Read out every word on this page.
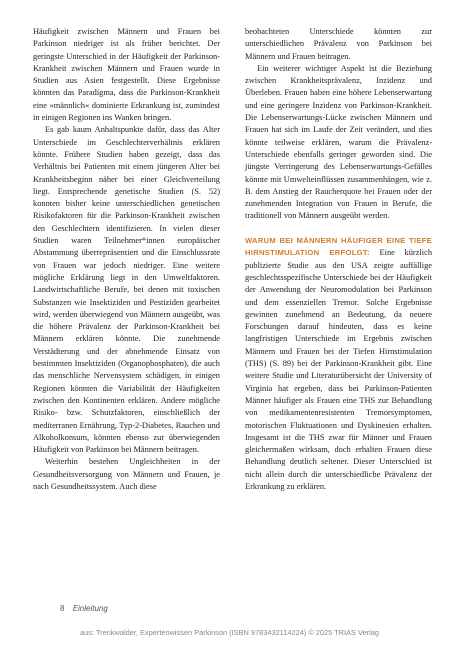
Häufigkeit zwischen Männern und Frauen bei Parkinson niedriger ist als früher berichtet. Der geringste Unterschied in der Häufigkeit der Parkinson-Krankheit zwischen Männern und Frauen wurde in Studien aus Asien festgestellt. Diese Ergebnisse könnten das Paradigma, dass die Parkinson-Krankheit eine »männlich« dominierte Erkrankung ist, zumindest in einigen Regionen ins Wanken bringen.

Es gab kaum Anhaltspunkte dafür, dass das Alter Unterschiede im Geschlechterverhältnis erklären könnte. Frühere Studien haben gezeigt, dass das Verhältnis bei Patienten mit einem jüngeren Alter bei Krankheitsbeginn näher bei einer Gleichverteilung liegt. Entsprechende genetische Studien (S. 52) konnten bisher keine unterschiedlichen genetischen Risikofaktoren für die Parkinson-Krankheit zwischen den Geschlechtern identifizieren. In vielen dieser Studien waren Teilnehmer*innen europäischer Abstammung überrepräsentiert und die Einschlussrate von Frauen war jedoch niedriger. Eine weitere mögliche Erklärung liegt in den Umweltfaktoren. Landwirtschaftliche Berufe, bei denen mit toxischen Substanzen wie Insektiziden und Pestiziden gearbeitet wird, werden überwiegend von Männern ausgeübt, was die höhere Prävalenz der Parkinson-Krankheit bei Männern erklären könnte. Die zunehmende Verstädterung und der abnehmende Einsatz von bestimmten Insektiziden (Organophosphaten), die auch das menschliche Nervensystem schädigen, in einigen Regionen könnten die Variabilität der Häufigkeiten zwischen den Kontinenten erklären. Andere mögliche Risiko- bzw. Schutzfaktoren, einschließlich der mediterranen Ernährung, Typ-2-Diabetes, Rauchen und Alkoholkonsum, könnten ebenso zur überwiegenden Häufigkeit von Parkinson bei Männern beitragen.

Weiterhin bestehen Ungleichheiten in der Gesundheitsversorgung von Männern und Frauen, je nach Gesundheitssystem. Auch diese

beobachteten Unterschiede könnten zur unterschiedlichen Prävalenz von Parkinson bei Männern und Frauen beitragen.

Ein weiterer wichtiger Aspekt ist die Beziehung zwischen Krankheitsprävalenz, Inzidenz und Überleben. Frauen haben eine höhere Lebenserwartung und eine geringere Inzidenz von Parkinson-Krankheit. Die Lebenserwartungs-Lücke zwischen Männern und Frauen hat sich im Laufe der Zeit verändert, und dies könnte teilweise erklären, warum die Prävalenz-Unterschiede ebenfalls geringer geworden sind. Die jüngste Verringerung des Lebenserwartungs-Gefälles könnte mit Umwelteinflüssen zusammenhängen, wie z. B. dem Anstieg der Raucherquote bei Frauen oder der zunehmenden Integration von Frauen in Berufe, die traditionell von Männern ausgeübt werden.

WARUM BEI MÄNNERN HÄUFIGER EINE TIEFE HIRNSTIMULATION ERFOLGT: Eine kürzlich publizierte Studie aus den USA zeigte auffällige geschlechtsspezifische Unterschiede bei der Häufigkeit der Anwendung der Neuromodulation bei Parkinson und dem essenziellen Tremor. Solche Ergebnisse gewinnen zunehmend an Bedeutung, da neuere Forschungen darauf hindeuten, dass es keine langfristigen Unterschiede im Ergebnis zwischen Männern und Frauen bei der Tiefen Hirnstimulation (THS) (S. 89) bei der Parkinson-Krankheit gibt. Eine weitere Studie und Literaturübersicht der University of Virginia hat ergeben, dass bei Parkinson-Patienten Männer häufiger als Frauen eine THS zur Behandlung von medikamentenresistenten Tremorsymptomen, motorischen Fluktuationen und Dyskinesien erhalten. Insgesamt ist die THS zwar für Männer und Frauen gleichermaßen wirksam, doch erhalten Frauen diese Behandlung deutlich seltener. Dieser Unterschied ist nicht allein durch die unterschiedliche Prävalenz der Erkrankung zu erklären.

8 Einleitung
aus: Trenkwalder, Expertenwissen Parkinson (ISBN 9783432114224) © 2025 TRIAS Verlag
